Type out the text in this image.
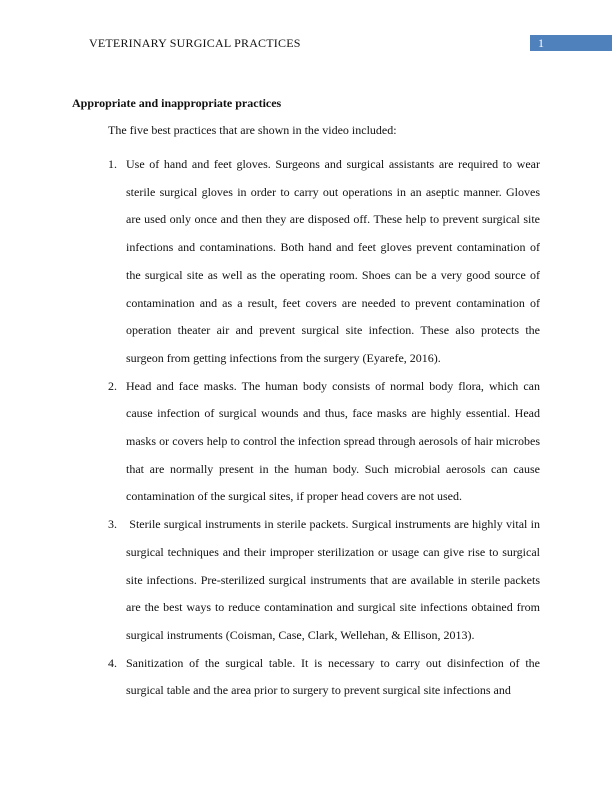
VETERINARY SURGICAL PRACTICES	1
Appropriate and inappropriate practices
The five best practices that are shown in the video included:
1. Use of hand and feet gloves. Surgeons and surgical assistants are required to wear sterile surgical gloves in order to carry out operations in an aseptic manner. Gloves are used only once and then they are disposed off. These help to prevent surgical site infections and contaminations. Both hand and feet gloves prevent contamination of the surgical site as well as the operating room. Shoes can be a very good source of contamination and as a result, feet covers are needed to prevent contamination of operation theater air and prevent surgical site infection. These also protects the surgeon from getting infections from the surgery (Eyarefe, 2016).
2. Head and face masks. The human body consists of normal body flora, which can cause infection of surgical wounds and thus, face masks are highly essential. Head masks or covers help to control the infection spread through aerosols of hair microbes that are normally present in the human body. Such microbial aerosols can cause contamination of the surgical sites, if proper head covers are not used.
3. Sterile surgical instruments in sterile packets. Surgical instruments are highly vital in surgical techniques and their improper sterilization or usage can give rise to surgical site infections. Pre-sterilized surgical instruments that are available in sterile packets are the best ways to reduce contamination and surgical site infections obtained from surgical instruments (Coisman, Case, Clark, Wellehan, & Ellison, 2013).
4. Sanitization of the surgical table. It is necessary to carry out disinfection of the surgical table and the area prior to surgery to prevent surgical site infections and
